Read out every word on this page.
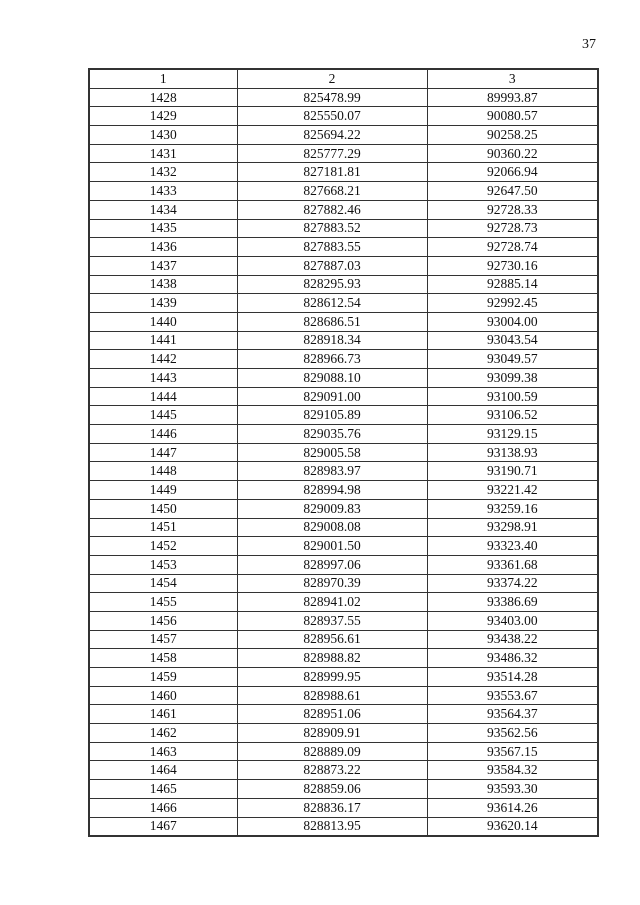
37
1	2	3
1428	825478.99	89993.87
1429	825550.07	90080.57
1430	825694.22	90258.25
1431	825777.29	90360.22
1432	827181.81	92066.94
1433	827668.21	92647.50
1434	827882.46	92728.33
1435	827883.52	92728.73
1436	827883.55	92728.74
1437	827887.03	92730.16
1438	828295.93	92885.14
1439	828612.54	92992.45
1440	828686.51	93004.00
1441	828918.34	93043.54
1442	828966.73	93049.57
1443	829088.10	93099.38
1444	829091.00	93100.59
1445	829105.89	93106.52
1446	829035.76	93129.15
1447	829005.58	93138.93
1448	828983.97	93190.71
1449	828994.98	93221.42
1450	829009.83	93259.16
1451	829008.08	93298.91
1452	829001.50	93323.40
1453	828997.06	93361.68
1454	828970.39	93374.22
1455	828941.02	93386.69
1456	828937.55	93403.00
1457	828956.61	93438.22
1458	828988.82	93486.32
1459	828999.95	93514.28
1460	828988.61	93553.67
1461	828951.06	93564.37
1462	828909.91	93562.56
1463	828889.09	93567.15
1464	828873.22	93584.32
1465	828859.06	93593.30
1466	828836.17	93614.26
1467	828813.95	93620.14
